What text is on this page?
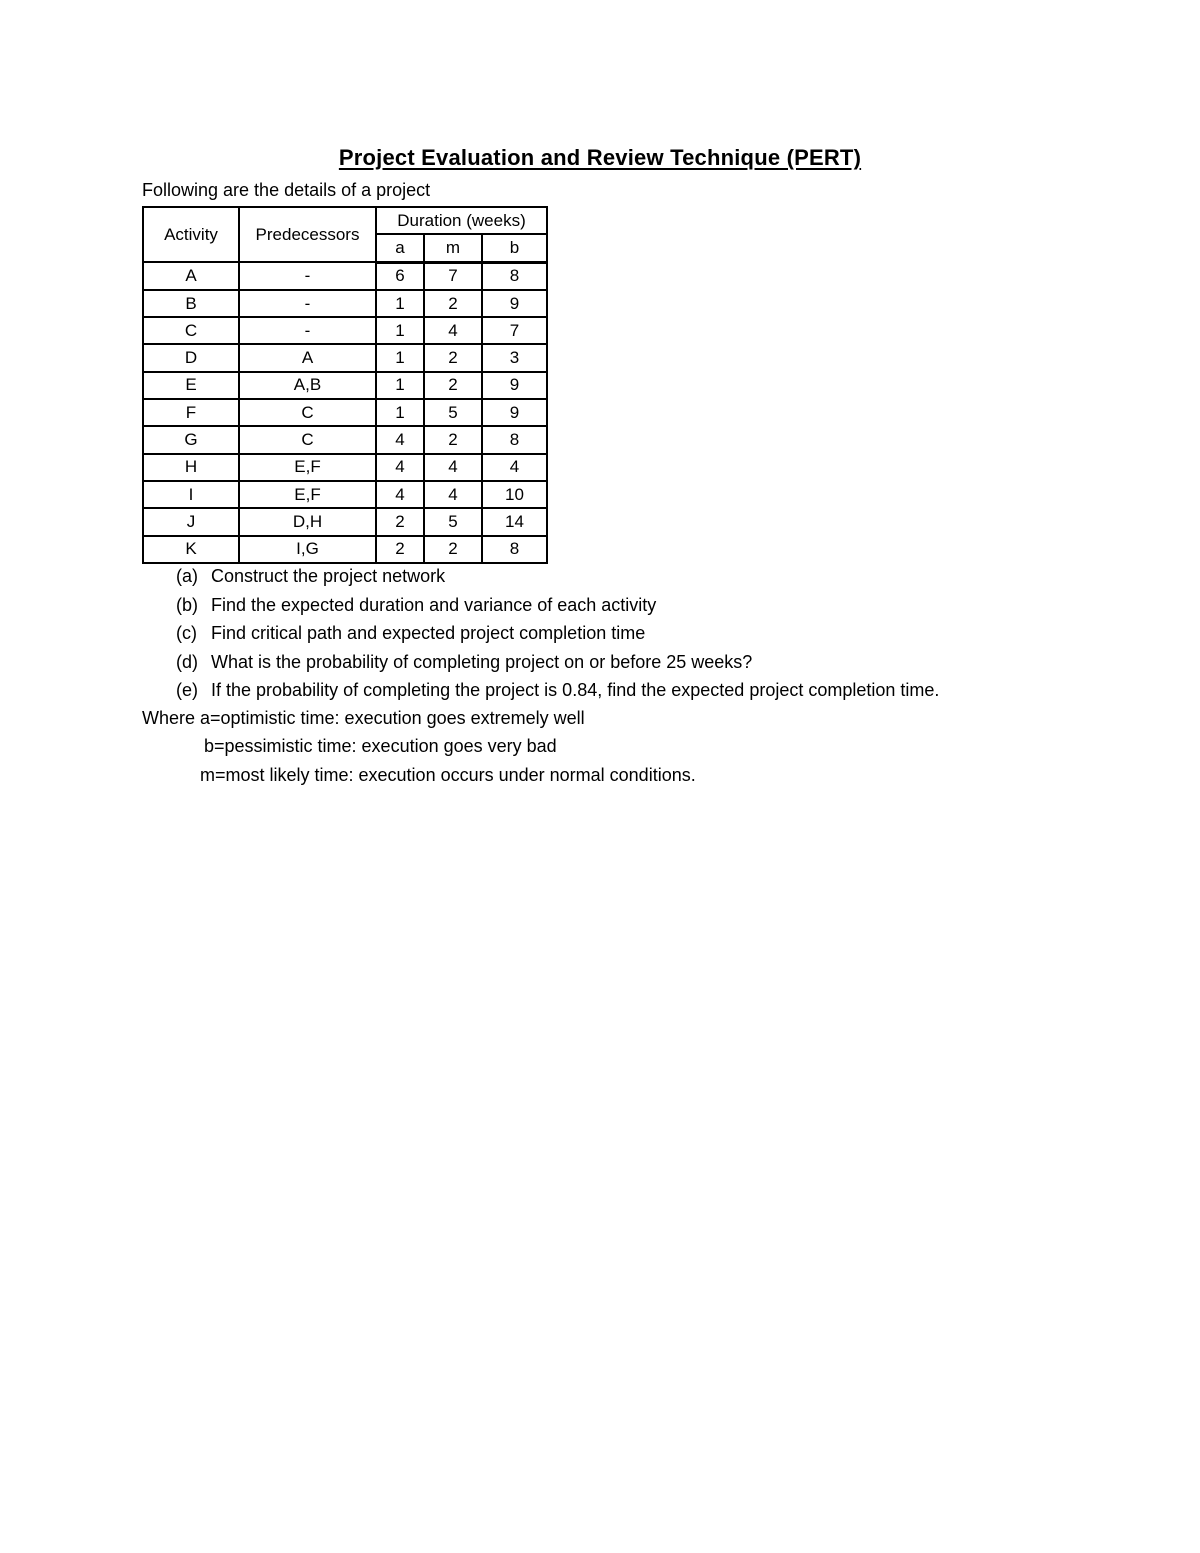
Project Evaluation and Review Technique (PERT)
Following are the details of a project
Activity	Predecessors	Duration (weeks)		
		a	m	b
A	-	6	7	8
B	-	1	2	9
C	-	1	4	7
D	A	1	2	3
E	A,B	1	2	9
F	C	1	5	9
G	C	4	2	8
H	E,F	4	4	4
I	E,F	4	4	10
J	D,H	2	5	14
K	I,G	2	2	8
(a) Construct the project network
(b) Find the expected duration and variance of each activity
(c) Find critical path and expected project completion time
(d) What is the probability of completing project on or before 25 weeks?
(e) If the probability of completing the project is 0.84, find the expected project completion time.
Where a=optimistic time: execution goes extremely well
b=pessimistic time: execution goes very bad
m=most likely time: execution occurs under normal conditions.
